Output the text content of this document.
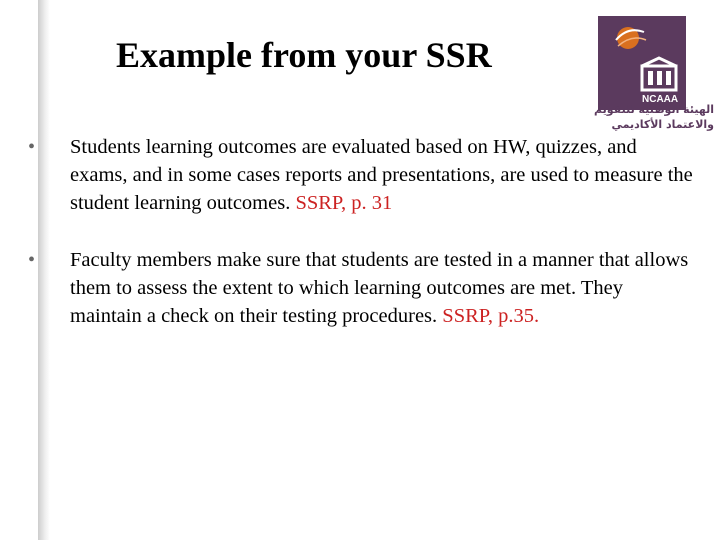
Example from your SSR
NCAAA
الهيئة الوطنية للتقويم
والاعتماد الأكاديمي
• Students learning outcomes are evaluated based on HW, quizzes, and exams, and in some cases reports and presentations, are used to measure the student learning outcomes. SSRP, p. 31
• Faculty members make sure that students are tested in a manner that allows them to assess the extent to which learning outcomes are met. They maintain a check on their testing procedures. SSRP, p.35.
